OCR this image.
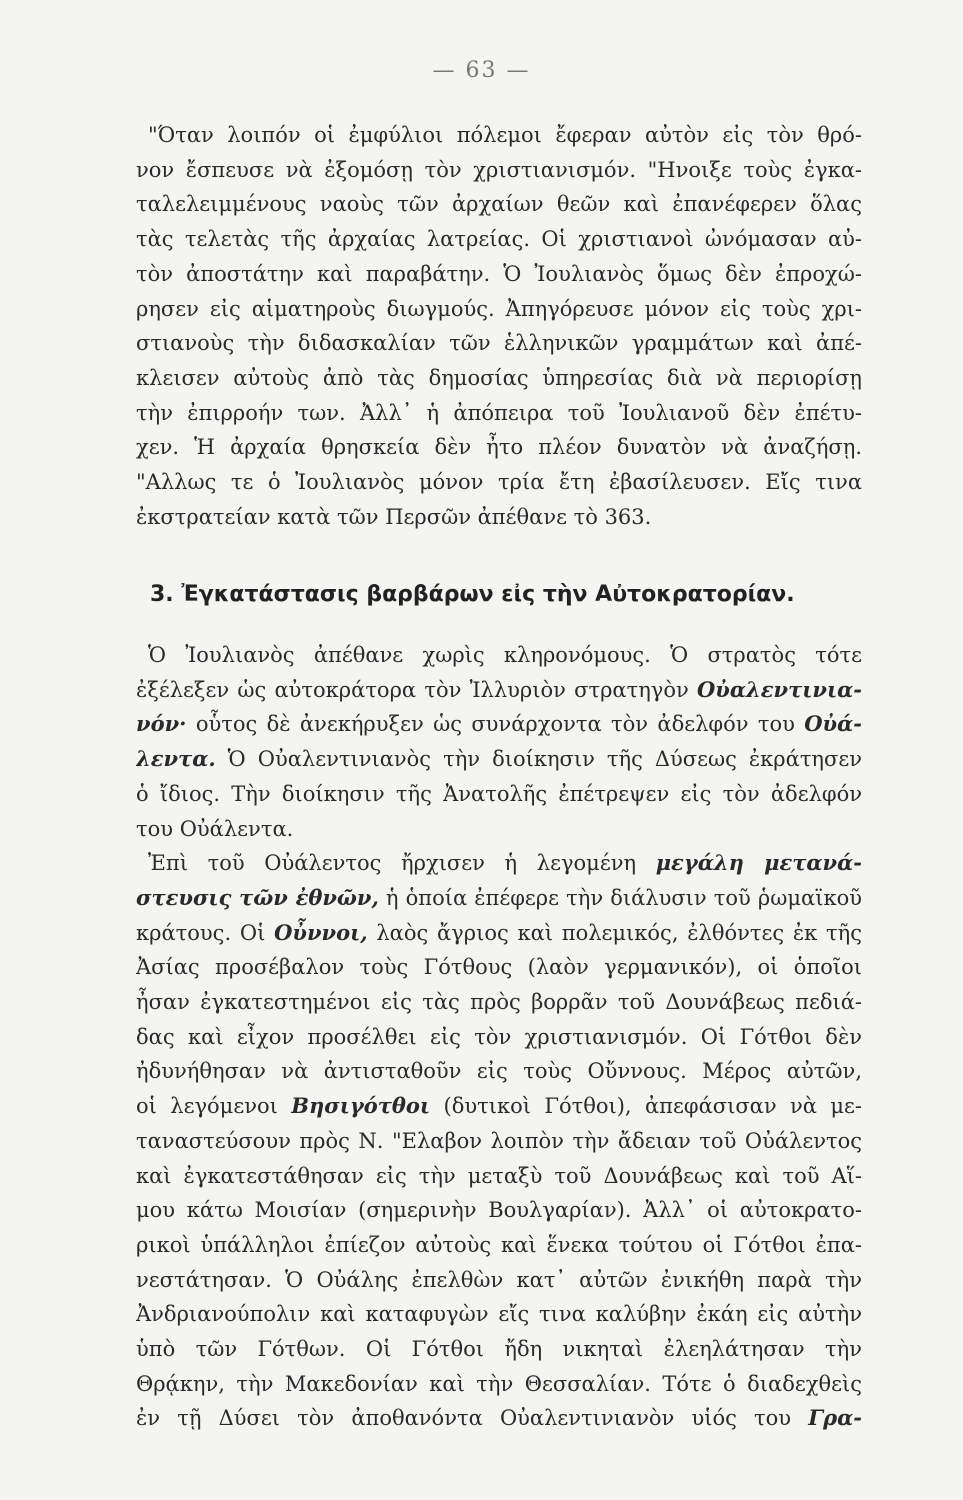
— 63 —

"Όταν λοιπόν οἱ ἐμφύλιοι πόλεμοι ἔφεραν αὐτὸν εἰς τὸν θρό-
νον ἔσπευσε νὰ ἐξομόσῃ τὸν χριστιανισμόν. "Ηνοιξε τοὺς ἐγκα-
ταλελειμμένους ναοὺς τῶν ἀρχαίων θεῶν καὶ ἐπανέφερεν ὅλας
τὰς τελετὰς τῆς ἀρχαίας λατρείας. Οἱ χριστιανοὶ ὠνόμασαν αὐ-
τὸν ἀποστάτην καὶ παραβάτην. Ὁ Ἰουλιανὸς ὅμως δὲν ἐπροχώ-
ρησεν εἰς αἱματηροὺς διωγμούς. Ἀπηγόρευσε μόνον εἰς τοὺς χρι-
στιανοὺς τὴν διδασκαλίαν τῶν ἑλληνικῶν γραμμάτων καὶ ἀπέ-
κλεισεν αὐτοὺς ἀπὸ τὰς δημοσίας ὑπηρεσίας διὰ νὰ περιορίσῃ
τὴν ἐπιρροήν των. Ἀλλ᾽ ἡ ἀπόπειρα τοῦ Ἰουλιανοῦ δὲν ἐπέτυ-
χεν. Ἡ ἀρχαία θρησκεία δὲν ἦτο πλέον δυνατὸν νὰ ἀναζήσῃ.
"Αλλως τε ὁ Ἰουλιανὸς μόνον τρία ἔτη ἐβασίλευσεν. Εἴς τινα
ἐκστρατείαν κατὰ τῶν Περσῶν ἀπέθανε τὸ 363.

3. Ἐγκατάστασις βαρβάρων εἰς τὴν Αὐτοκρατορίαν.

Ὁ Ἰουλιανὸς ἀπέθανε χωρὶς κληρονόμους. Ὁ στρατὸς τότε
ἐξέλεξεν ὡς αὐτοκράτορα τὸν Ἰλλυριὸν στρατηγὸν Οὐαλεντινια-
νόν· οὗτος δὲ ἀνεκήρυξεν ὡς συνάρχοντα τὸν ἀδελφόν του Οὐά-
λεντα. Ὁ Οὐαλεντινιανὸς τὴν διοίκησιν τῆς Δύσεως ἐκράτησεν
ὁ ἴδιος. Τὴν διοίκησιν τῆς Ἀνατολῆς ἐπέτρεψεν εἰς τὸν ἀδελφόν
του Οὐάλεντα.

Ἐπὶ τοῦ Οὐάλεντος ἤρχισεν ἡ λεγομένη μεγάλη μετανά-
στευσις τῶν ἐθνῶν, ἡ ὁποία ἐπέφερε τὴν διάλυσιν τοῦ ῥωμαϊκοῦ
κράτους. Οἱ Οὖννοι, λαὸς ἄγριος καὶ πολεμικός, ἐλθόντες ἐκ τῆς
Ἀσίας προσέβαλον τοὺς Γότθους (λαὸν γερμανικόν), οἱ ὁποῖοι
ἦσαν ἐγκατεστημένοι εἰς τὰς πρὸς βορρᾶν τοῦ Δουνάβεως πεδιά-
δας καὶ εἶχον προσέλθει εἰς τὸν χριστιανισμόν. Οἱ Γότθοι δὲν
ἠδυνήθησαν νὰ ἀντισταθοῦν εἰς τοὺς Οὔννους. Μέρος αὐτῶν,
οἱ λεγόμενοι Βησιγότθοι (δυτικοὶ Γότθοι), ἀπεφάσισαν νὰ με-
ταναστεύσουν πρὸς Ν. "Ελαβον λοιπὸν τὴν ἄδειαν τοῦ Οὐάλεντος
καὶ ἐγκατεστάθησαν εἰς τὴν μεταξὺ τοῦ Δουνάβεως καὶ τοῦ Αἵ-
μου κάτω Μοισίαν (σημερινὴν Βουλγαρίαν). Ἀλλ᾽ οἱ αὐτοκρατο-
ρικοὶ ὑπάλληλοι ἐπίεζον αὐτοὺς καὶ ἕνεκα τούτου οἱ Γότθοι ἐπα-
νεστάτησαν. Ὁ Οὐάλης ἐπελθὼν κατ᾽ αὐτῶν ἐνικήθη παρὰ τὴν
Ἀνδριανούπολιν καὶ καταφυγὼν εἴς τινα καλύβην ἐκάη εἰς αὐτὴν
ὑπὸ τῶν Γότθων. Οἱ Γότθοι ἤδη νικηταὶ ἐλεηλάτησαν τὴν
Θρᾴκην, τὴν Μακεδονίαν καὶ τὴν Θεσσαλίαν. Τότε ὁ διαδεχθεὶς
ἐν τῇ Δύσει τὸν ἀποθανόντα Οὐαλεντινιανὸν υἱός του Γρα-
